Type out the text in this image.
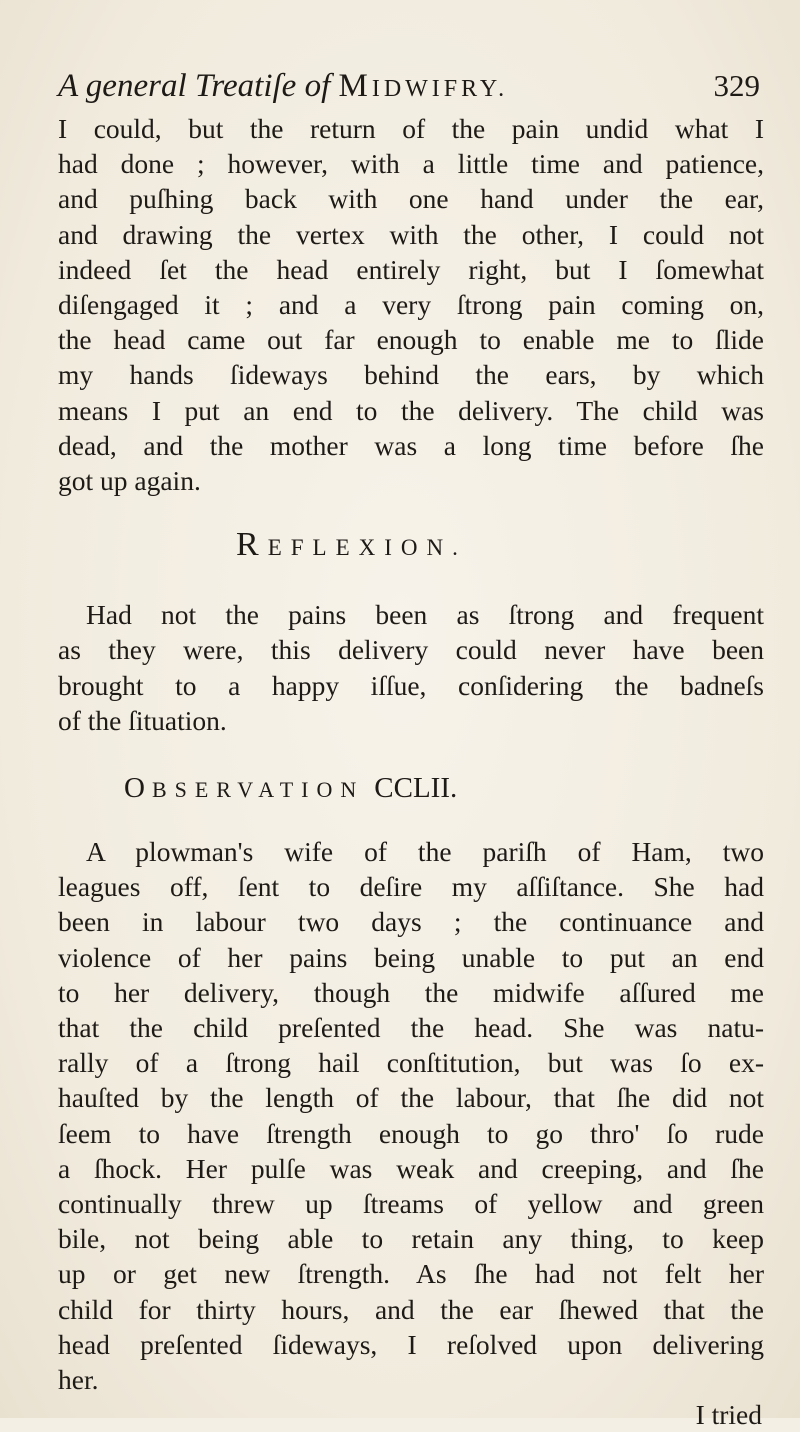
A general Treatiſe of MIDWIFRY.	329

I could, but the return of the pain undid what I

had done ; however, with a little time and patience,

and puſhing back with one hand under the ear,

and drawing the vertex with the other, I could not

indeed ſet the head entirely right, but I ſomewhat

diſengaged it ; and a very ſtrong pain coming on,

the head came out far enough to enable me to ſlide

my hands ſideways behind the ears, by which

means I put an end to the delivery. The child was

dead, and the mother was a long time before ſhe

got up again.

REFLEXION.

Had not the pains been as ſtrong and frequent

as they were, this delivery could never have been

brought to a happy iſſue, conſidering the badneſs

of the ſituation.

OBSERVATION CCLII.

A plowman's wife of the pariſh of Ham, two

leagues off, ſent to deſire my aſſiſtance. She had

been in labour two days ; the continuance and

violence of her pains being unable to put an end

to her delivery, though the midwife aſſured me

that the child preſented the head. She was natu-

rally of a ſtrong hail conſtitution, but was ſo ex-

hauſted by the length of the labour, that ſhe did not

ſeem to have ſtrength enough to go thro' ſo rude

a ſhock. Her pulſe was weak and creeping, and ſhe

continually threw up ſtreams of yellow and green

bile, not being able to retain any thing, to keep

up or get new ſtrength. As ſhe had not felt her

child for thirty hours, and the ear ſhewed that the

head preſented ſideways, I reſolved upon delivering

her.

I tried
